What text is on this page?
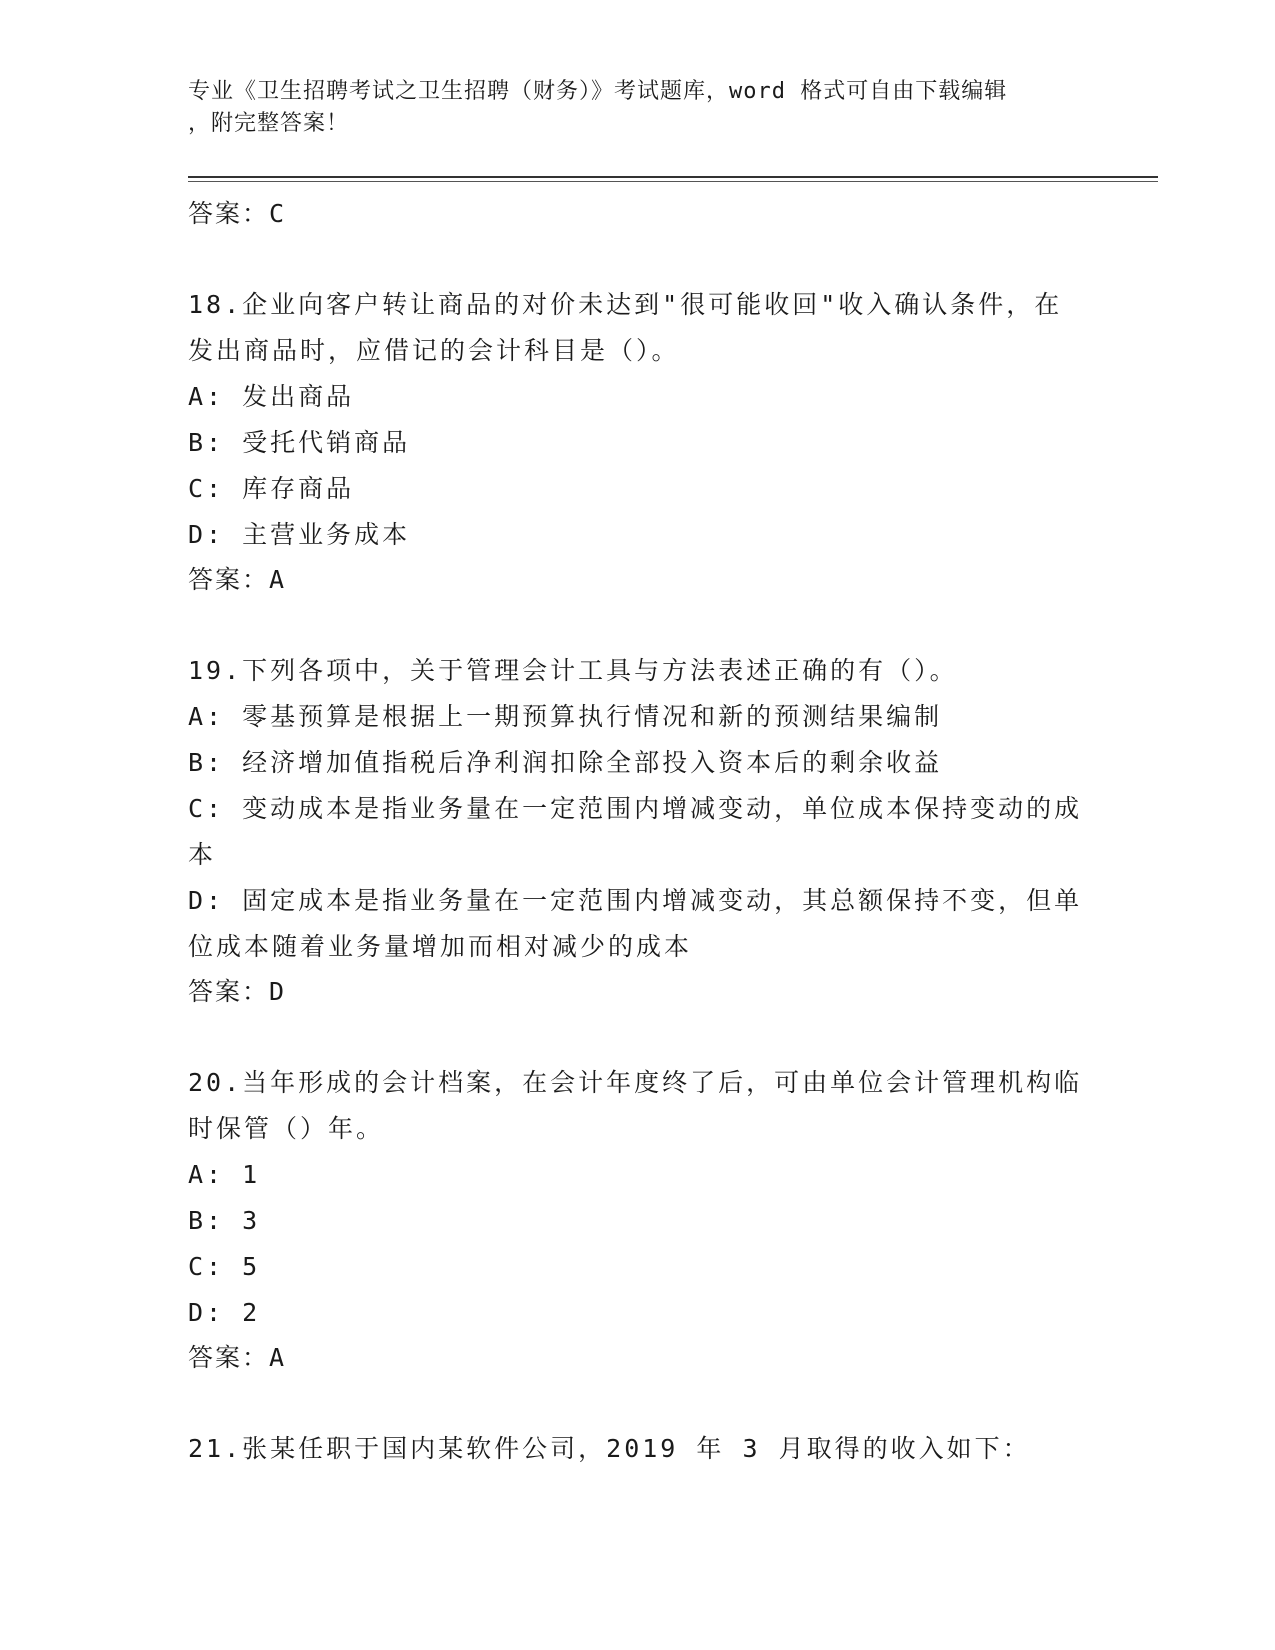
专业《卫生招聘考试之卫生招聘（财务）》考试题库，word 格式可自由下载编辑
，附完整答案！
答案：C
18.企业向客户转让商品的对价未达到"很可能收回"收入确认条件，在发出商品时，应借记的会计科目是（）。
A: 发出商品
B: 受托代销商品
C: 库存商品
D: 主营业务成本
答案：A
19.下列各项中，关于管理会计工具与方法表述正确的有（）。
A: 零基预算是根据上一期预算执行情况和新的预测结果编制
B: 经济增加值指税后净利润扣除全部投入资本后的剩余收益
C: 变动成本是指业务量在一定范围内增减变动，单位成本保持变动的成本
D: 固定成本是指业务量在一定范围内增减变动，其总额保持不变，但单位成本随着业务量增加而相对减少的成本
答案：D
20.当年形成的会计档案，在会计年度终了后，可由单位会计管理机构临时保管（）年。
A: 1
B: 3
C: 5
D: 2
答案：A
21.张某任职于国内某软件公司，2019 年 3 月取得的收入如下：
